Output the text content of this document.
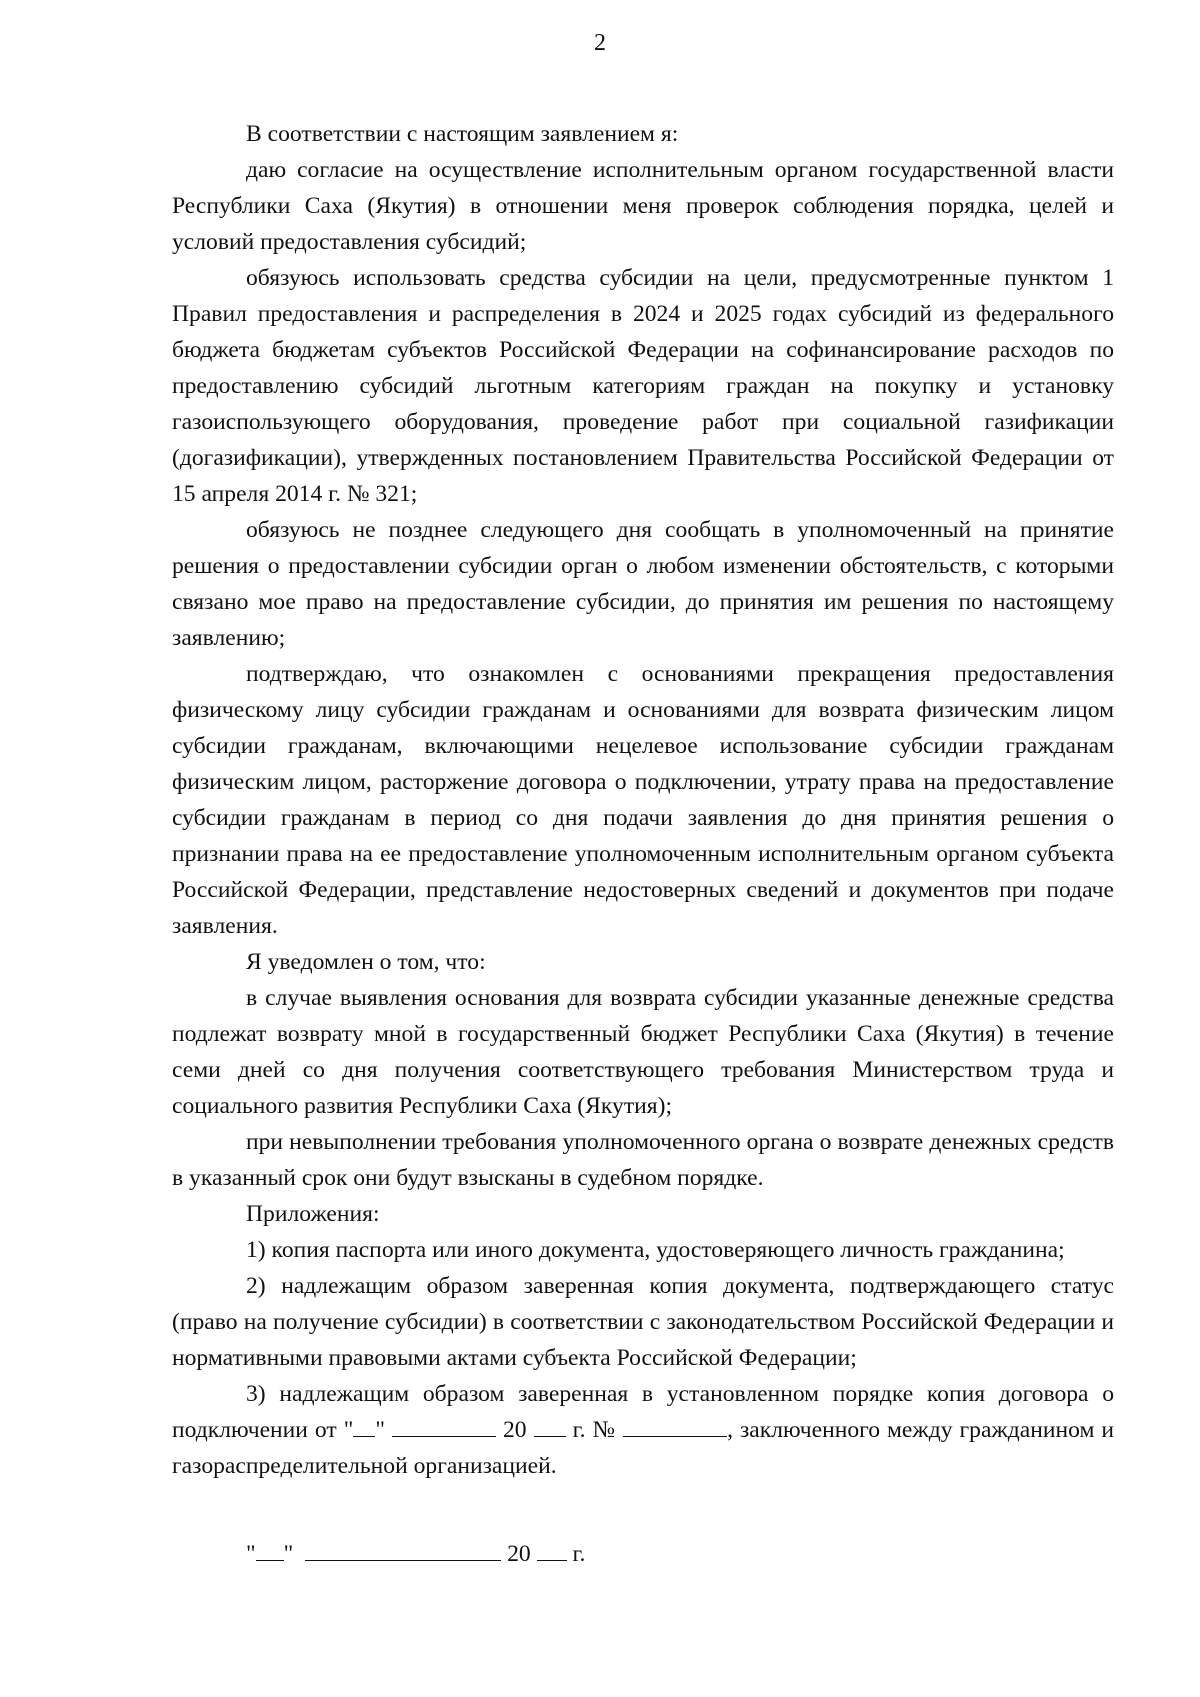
2

В соответствии с настоящим заявлением я:

даю согласие на осуществление исполнительным органом государственной власти Республики Саха (Якутия) в отношении меня проверок соблюдения порядка, целей и условий предоставления субсидий;

обязуюсь использовать средства субсидии на цели, предусмотренные пунктом 1 Правил предоставления и распределения в 2024 и 2025 годах субсидий из федерального бюджета бюджетам субъектов Российской Федерации на софинансирование расходов по предоставлению субсидий льготным категориям граждан на покупку и установку газоиспользующего оборудования, проведение работ при социальной газификации (догазификации), утвержденных постановлением Правительства Российской Федерации от 15 апреля 2014 г. № 321;

обязуюсь не позднее следующего дня сообщать в уполномоченный на принятие решения о предоставлении субсидии орган о любом изменении обстоятельств, с которыми связано мое право на предоставление субсидии, до принятия им решения по настоящему заявлению;

подтверждаю, что ознакомлен с основаниями прекращения предоставления физическому лицу субсидии гражданам и основаниями для возврата физическим лицом субсидии гражданам, включающими нецелевое использование субсидии гражданам физическим лицом, расторжение договора о подключении, утрату права на предоставление субсидии гражданам в период со дня подачи заявления до дня принятия решения о признании права на ее предоставление уполномоченным исполнительным органом субъекта Российской Федерации, представление недостоверных сведений и документов при подаче заявления.

Я уведомлен о том, что:

в случае выявления основания для возврата субсидии указанные денежные средства подлежат возврату мной в государственный бюджет Республики Саха (Якутия) в течение семи дней со дня получения соответствующего требования Министерством труда и социального развития Республики Саха (Якутия);

при невыполнении требования уполномоченного органа о возврате денежных средств в указанный срок они будут взысканы в судебном порядке.

Приложения:

1) копия паспорта или иного документа, удостоверяющего личность гражданина;

2) надлежащим образом заверенная копия документа, подтверждающего статус (право на получение субсидии) в соответствии с законодательством Российской Федерации и нормативными правовыми актами субъекта Российской Федерации;

3) надлежащим образом заверенная в установленном порядке копия договора о подключении от " "	20 г. №	, заключенного между гражданином и газораспределительной организацией.

" "	20 г.
